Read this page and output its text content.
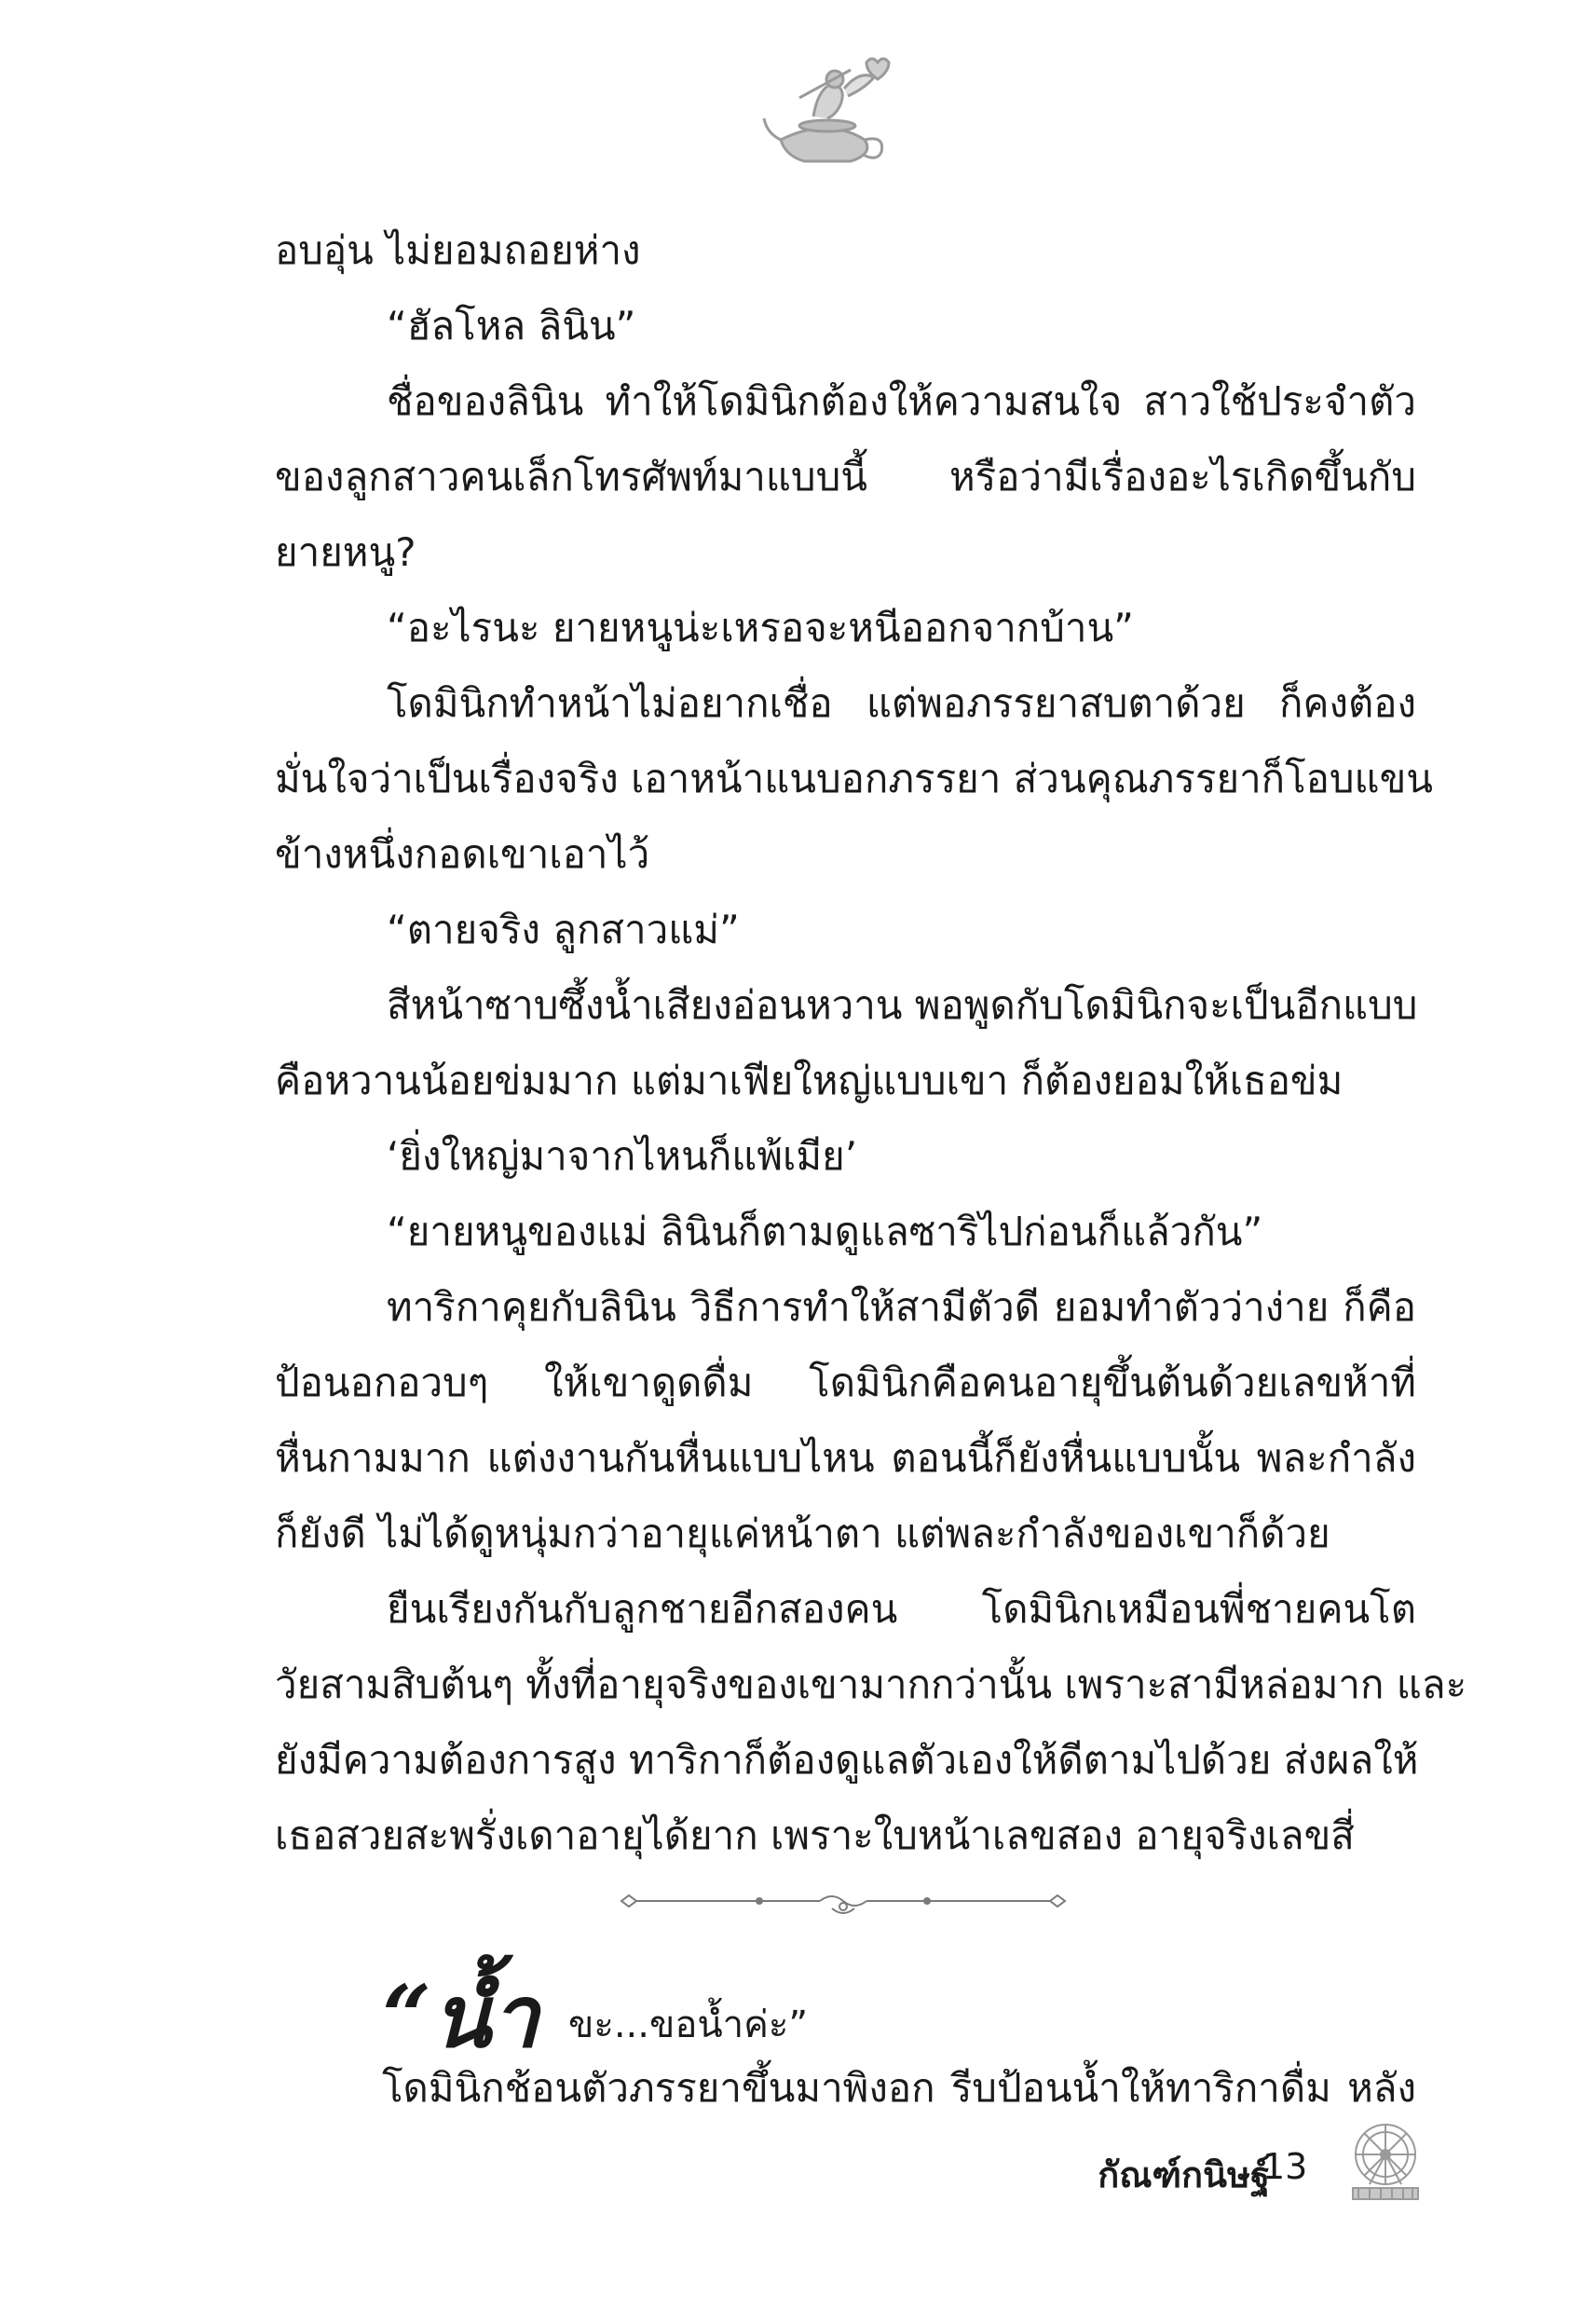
อบอุ่น ไม่ยอมถอยห่าง

“ฮัลโหล ลินิน”

ชื่อของลินิน ทำให้โดมินิกต้องให้ความสนใจ สาวใช้ประจำตัว

ของลูกสาวคนเล็กโทรศัพท์มาแบบนี้ หรือว่ามีเรื่องอะไรเกิดขึ้นกับ

ยายหนู?

“อะไรนะ ยายหนูน่ะเหรอจะหนีออกจากบ้าน”

โดมินิกทำหน้าไม่อยากเชื่อ แต่พอภรรยาสบตาด้วย ก็คงต้อง

มั่นใจว่าเป็นเรื่องจริง เอาหน้าแนบอกภรรยา ส่วนคุณภรรยาก็โอบแขน

ข้างหนึ่งกอดเขาเอาไว้

“ตายจริง ลูกสาวแม่”

สีหน้าซาบซึ้งน้ำเสียงอ่อนหวาน พอพูดกับโดมินิกจะเป็นอีกแบบ

คือหวานน้อยข่มมาก แต่มาเฟียใหญ่แบบเขา ก็ต้องยอมให้เธอข่ม

‘ยิ่งใหญ่มาจากไหนก็แพ้เมีย’

“ยายหนูของแม่ ลินินก็ตามดูแลซาริไปก่อนก็แล้วกัน”

ทาริกาคุยกับลินิน วิธีการทำให้สามีตัวดี ยอมทำตัวว่าง่าย ก็คือ

ป้อนอกอวบๆ ให้เขาดูดดื่ม โดมินิกคือคนอายุขึ้นต้นด้วยเลขห้าที่

หื่นกามมาก แต่งงานกันหื่นแบบไหน ตอนนี้ก็ยังหื่นแบบนั้น พละกำลัง

ก็ยังดี ไม่ได้ดูหนุ่มกว่าอายุแค่หน้าตา แต่พละกำลังของเขาก็ด้วย

ยืนเรียงกันกับลูกชายอีกสองคน โดมินิกเหมือนพี่ชายคนโต

วัยสามสิบต้นๆ ทั้งที่อายุจริงของเขามากกว่านั้น เพราะสามีหล่อมาก และ

ยังมีความต้องการสูง ทาริกาก็ต้องดูแลตัวเองให้ดีตามไปด้วย ส่งผลให้

เธอสวยสะพรั่งเดาอายุได้ยาก เพราะใบหน้าเลขสอง อายุจริงเลขสี่

“น้ำ ขะ...ขอน้ำค่ะ”

โดมินิกช้อนตัวภรรยาขึ้นมาพิงอก รีบป้อนน้ำให้ทาริกาดื่ม หลัง

กัณฑ์กนิษฐ์
13
